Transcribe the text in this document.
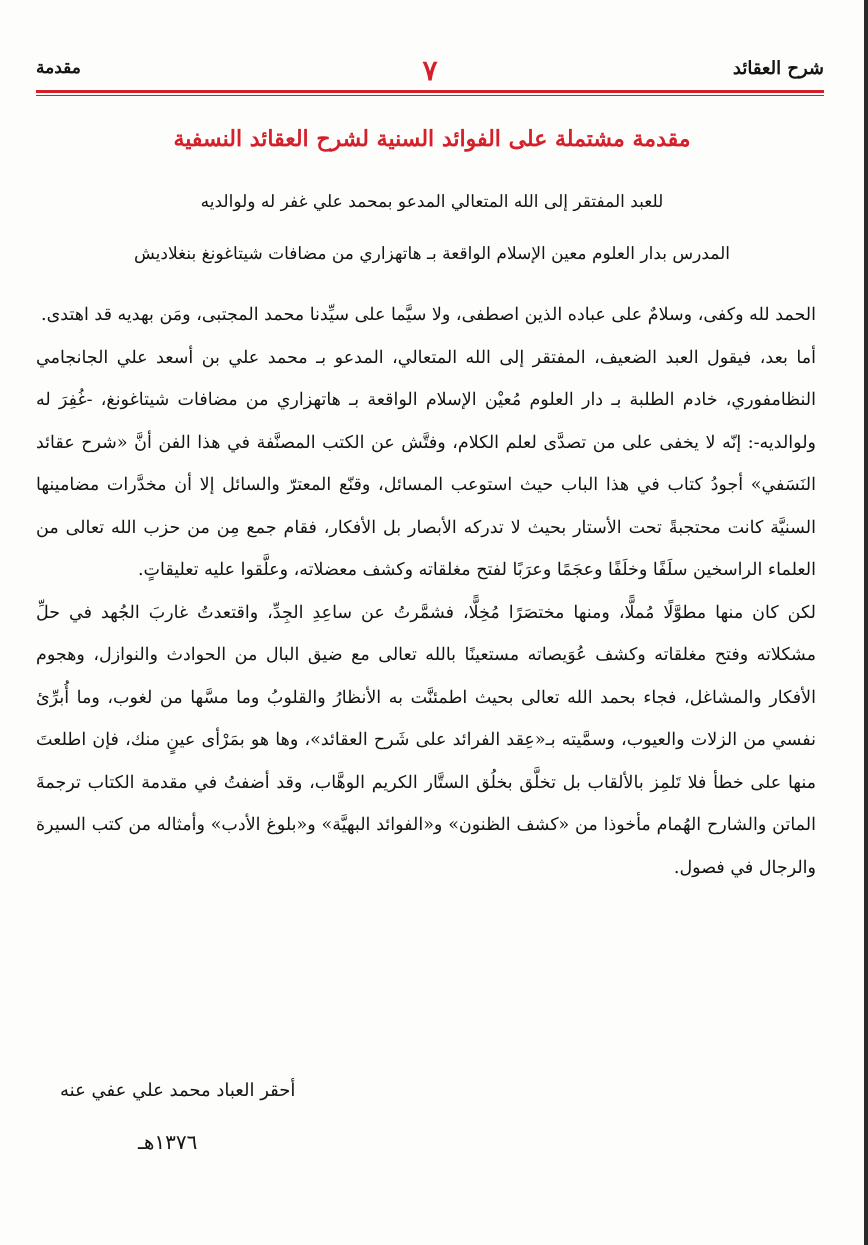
مقدمة	٧	شرح العقائد
مقدمة مشتملة على الفوائد السنية لشرح العقائد النسفية
للعبد المفتقر إلى الله المتعالي المدعو بمحمد علي غفر له ولوالديه
المدرس بدار العلوم معين الإسلام الواقعة بـ هاتهزاري من مضافات شيتاغونغ بنغلاديش

الحمد لله وكفى، وسلامٌ على عباده الذين اصطفى، ولا سيَّما على سيِّدنا محمد المجتبى، ومَن بهديه قد اهتدى.

أما بعد، فيقول العبد الضعيف، المفتقر إلى الله المتعالي، المدعو بـ محمد علي بن أسعد علي الجانجامي النظامفوري، خادم الطلبة بـ دار العلوم مُعيْن الإسلام الواقعة بـ هاتهزاري من مضافات شيتاغونغ، -غُفِرَ له ولوالديه-: إنّه لا يخفى على من تصدَّى لعلم الكلام، وفتَّش عن الكتب المصنَّفة في هذا الفن أنَّ «شرح عقائد النَسَفي» أجودُ كتاب في هذا الباب حيث استوعب المسائل، وقنّع المعترّ والسائل إلا أن مخدَّرات مضامينها السنيَّة كانت محتجبةً تحت الأستار بحيث لا تدركه الأبصار بل الأفكار، فقام جمع مِن من حزب الله تعالى من العلماء الراسخين سلَفًا وخلَفًا وعجَمًا وعرَبًا لفتح مغلقاته وكشف معضلاته، وعلَّقوا عليه تعليقاتٍ.

لكن كان منها مطوَّلًا مُملًّا، ومنها مختصَرًا مُخِلًّا، فشمَّرتُ عن ساعِدِ الجِدِّ، واقتعدتُ غاربَ الجُهد في حلِّ مشكلاته وفتح مغلقاته وكشف عُوَيصاته مستعينًا بالله تعالى مع ضيق البال من الحوادث والنوازل، وهجوم الأفكار والمشاغل، فجاء بحمد الله تعالى بحيث اطمئنَّت به الأنظارُ والقلوبُ وما مسَّها من لغوب، وما أُبرِّئ نفسي من الزلات والعيوب، وسمَّيته بـ«عِقد الفرائد على شَرح العقائد»، وها هو بمَرْأى عينٍ منك، فإن اطلعتَ منها على خطأ فلا تَلمِز بالألقاب بل تخلَّق بخلُق الستَّار الكريم الوهَّاب، وقد أضفتُ في مقدمة الكتاب ترجمةَ الماتن والشارح الهُمام مأخوذا من «كشف الظنون» و«الفوائد البهيَّة» و«بلوغ الأدب» وأمثاله من كتب السيرة والرجال في فصول.

أحقر العباد محمد علي عفي عنه
١٣٧٦هـ
